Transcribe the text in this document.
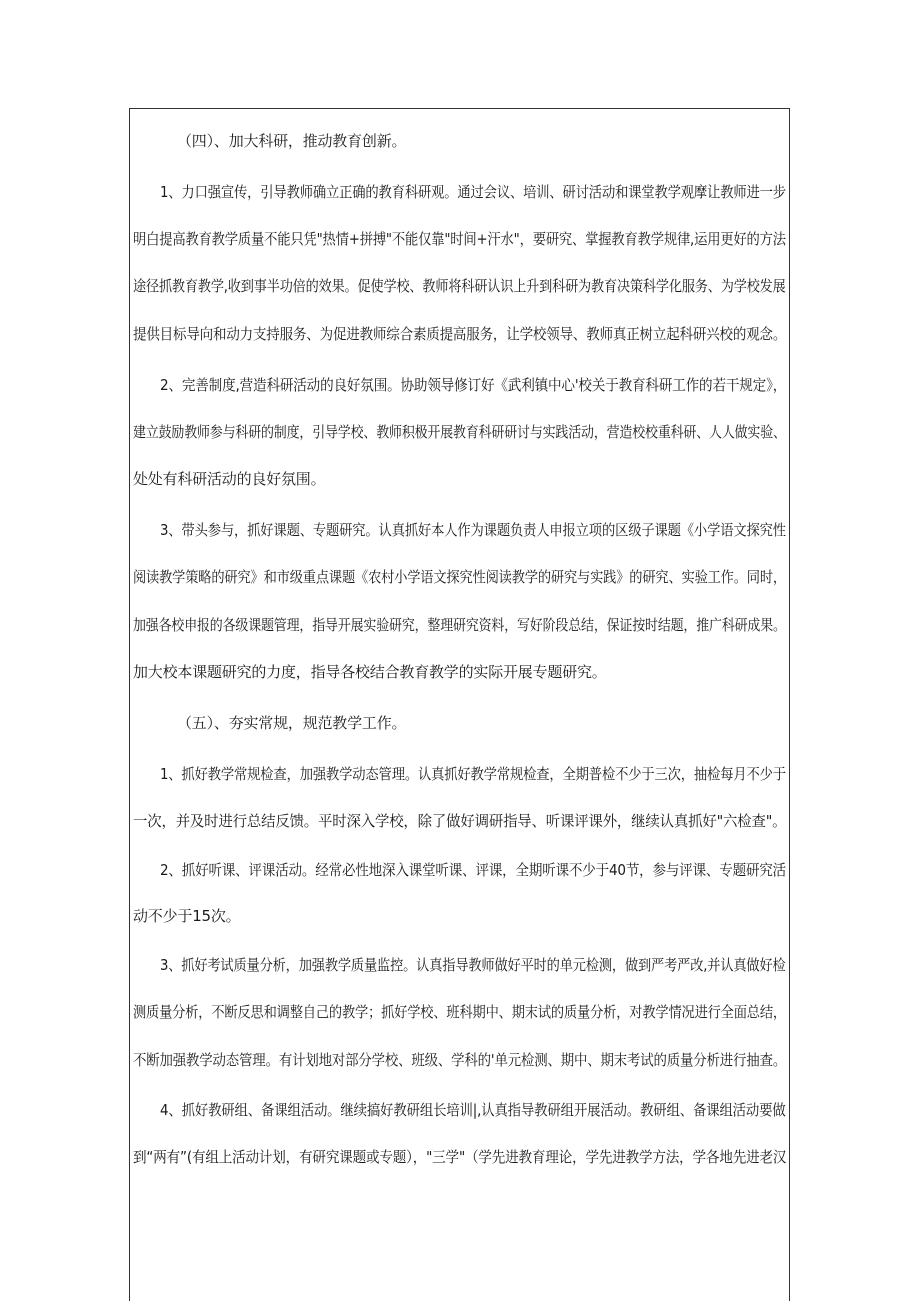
（四）、加大科研，推动教育创新。
1、力口强宣传，引导教师确立正确的教育科研观。通过会议、培训、研讨活动和课堂教学观摩让教师进一步
明白提高教育教学质量不能只凭"热情+拼搏"不能仅靠"时间+汗水"，要研究、掌握教育教学规律,运用更好的方法
途径抓教育教学,收到事半功倍的效果。促使学校、教师将科研认识上升到科研为教育决策科学化服务、为学校发展
提供目标导向和动力支持服务、为促进教师综合素质提高服务，让学校领导、教师真正树立起科研兴校的观念。
2、完善制度,营造科研活动的良好氛围。协助领导修订好《武利镇中心'校关于教育科研工作的若干规定》，
建立鼓励教师参与科研的制度，引导学校、教师积极开展教育科研研讨与实践活动，营造校校重科研、人人做实验、
处处有科研活动的良好氛围。
3、带头参与，抓好课题、专题研究。认真抓好本人作为课题负责人申报立项的区级子课题《小学语文探究性
阅读教学策略的研究》和市级重点课题《农村小学语文探究性阅读教学的研究与实践》的研究、实验工作。同时，
加强各校申报的各级课题管理，指导开展实验研究，整理研究资料，写好阶段总结，保证按时结题，推广科研成果。
加大校本课题研究的力度，指导各校结合教育教学的实际开展专题研究。
（五）、夯实常规，规范教学工作。
1、抓好教学常规检查，加强教学动态管理。认真抓好教学常规检查，全期普检不少于三次，抽检每月不少于
一次，并及时进行总结反馈。平时深入学校，除了做好调研指导、听课评课外，继续认真抓好"六检查"。
2、抓好听课、评课活动。经常必性地深入课堂听课、评课，全期听课不少于40节，参与评课、专题研究活
动不少于15次。
3、抓好考试质量分析，加强教学质量监控。认真指导教师做好平时的单元检测，做到严考严改,并认真做好检
测质量分析，不断反思和调整自己的教学；抓好学校、班科期中、期末试的质量分析，对教学情况进行全面总结，
不断加强教学动态管理。有计划地对部分学校、班级、学科的'单元检测、期中、期末考试的质量分析进行抽查。
4、抓好教研组、备课组活动。继续搞好教研组长培训|,认真指导教研组开展活动。教研组、备课组活动要做
到“两有”(有组上活动计划，有研究课题或专题），"三学"（学先进教育理论，学先进教学方法，学各地先进老汉
